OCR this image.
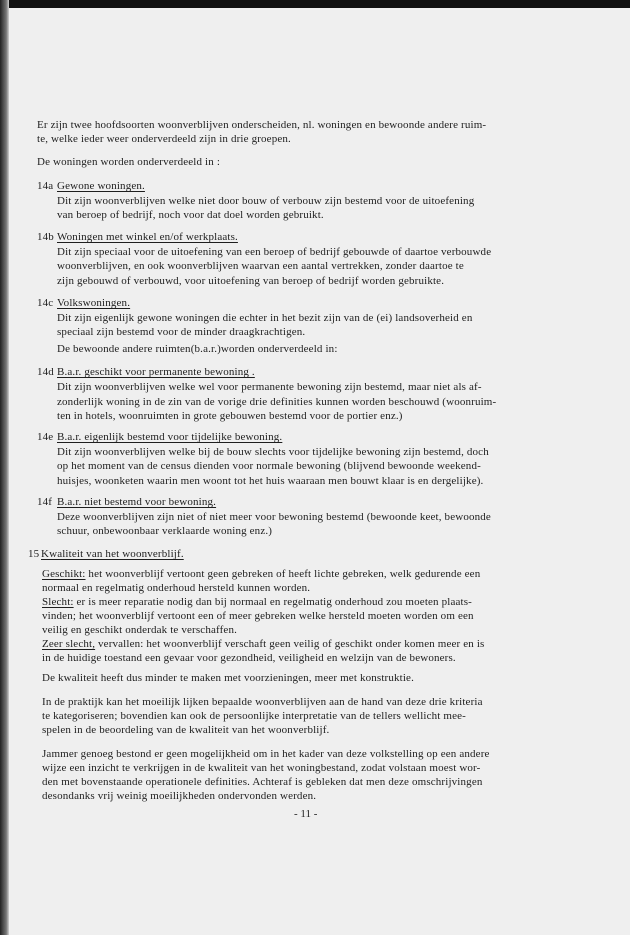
Er zijn twee hoofdsoorten woonverblijven onderscheiden, nl. woningen en bewoonde andere ruim-
te, welke ieder weer onderverdeeld zijn in drie groepen.
De woningen worden onderverdeeld in :
14a Gewone woningen.
Dit zijn woonverblijven welke niet door bouw of verbouw zijn bestemd voor de uitoefening
van beroep of bedrijf, noch voor dat doel worden gebruikt.
14b Woningen met winkel en/of werkplaats.
Dit zijn speciaal voor de uitoefening van een beroep of bedrijf gebouwde of daartoe verbouwde
woonverblijven, en ook woonverblijven waarvan een aantal vertrekken, zonder daartoe te
zijn gebouwd of verbouwd, voor uitoefening van beroep of bedrijf worden gebruikte.
14c Volkswoningen.
Dit zijn eigenlijk gewone woningen die echter in het bezit zijn van de (ei) landsoverheid en
speciaal zijn bestemd voor de minder draagkrachtigen.
De bewoonde andere ruimten(b.a.r.)worden onderverdeeld in:
14d B.a.r. geschikt voor permanente bewoning .
Dit zijn woonverblijven welke wel voor permanente bewoning zijn bestemd, maar niet als af-
zonderlijk woning in de zin van de vorige drie definities kunnen worden beschouwd (woonruim-
ten in hotels, woonruimten in grote gebouwen bestemd voor de portier enz.)
14e B.a.r. eigenlijk bestemd voor tijdelijke bewoning.
Dit zijn woonverblijven welke bij de bouw slechts voor tijdelijke bewoning zijn bestemd, doch
op het moment van de census dienden voor normale bewoning (blijvend bewoonde weekend-
huisjes, woonketen waarin men woont tot het huis waaraan men bouwt klaar is en dergelijke).
14f B.a.r. niet bestemd voor bewoning.
Deze woonverblijven zijn niet of niet meer voor bewoning bestemd (bewoonde keet, bewoonde
schuur, onbewoonbaar verklaarde woning enz.)
15 Kwaliteit van het woonverblijf.
Geschikt: het woonverblijf vertoont geen gebreken of heeft lichte gebreken, welk gedurende een
normaal en regelmatig onderhoud hersteld kunnen worden.
Slecht: er is meer reparatie nodig dan bij normaal en regelmatig onderhoud zou moeten plaats-
vinden; het woonverblijf vertoont een of meer gebreken welke hersteld moeten worden om een
veilig en geschikt onderdak te verschaffen.
Zeer slecht, vervallen: het woonverblijf verschaft geen veilig of geschikt onder komen meer en is
in de huidige toestand een gevaar voor gezondheid, veiligheid en welzijn van de bewoners.
De kwaliteit heeft dus minder te maken met voorzieningen, meer met konstruktie.
In de praktijk kan het moeilijk lijken bepaalde woonverblijven aan de hand van deze drie kriteria
te kategoriseren; bovendien kan ook de persoonlijke interpretatie van de tellers wellicht mee-
spelen in de beoordeling van de kwaliteit van het woonverblijf.
Jammer genoeg bestond er geen mogelijkheid om in het kader van deze volkstelling op een andere
wijze een inzicht te verkrijgen in de kwaliteit van het woningbestand, zodat volstaan moest wor-
den met bovenstaande operationele definities. Achteraf is gebleken dat men deze omschrijvingen
desondanks vrij weinig moeilijkheden ondervonden werden.
- 11 -
